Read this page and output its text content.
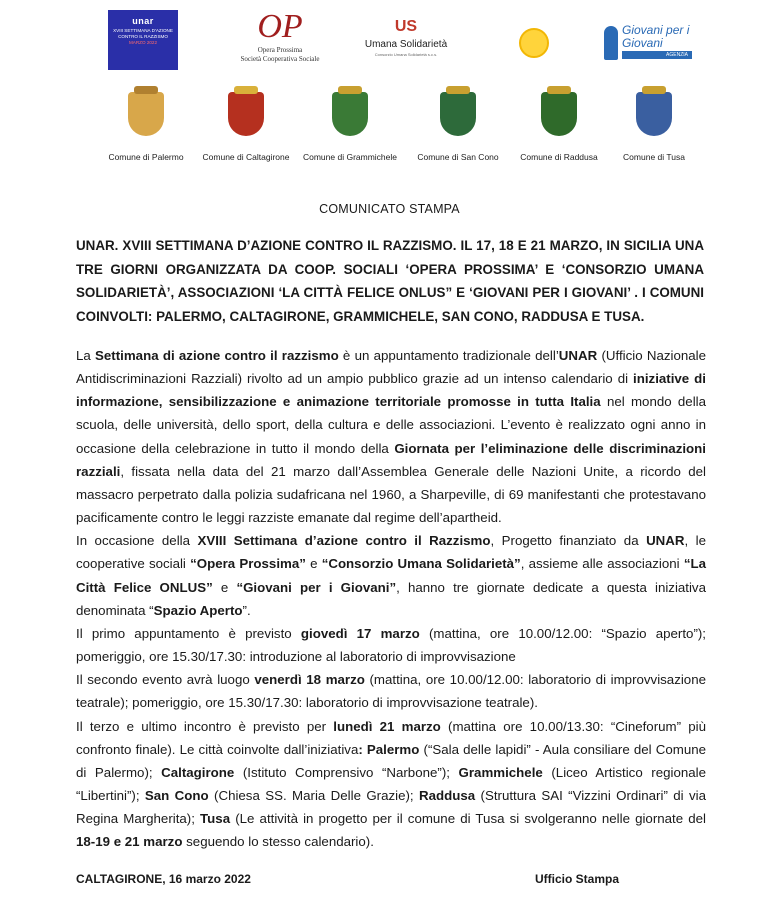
unar
XVIII SETTIMANA D'AZIONE
CONTRO IL RAZZISMO
MARZO 2022	OP
Opera Prossima
Società Cooperativa Sociale
US
Umana Solidarietà
Consorzio Umana Solidarietà s.c.s.
Giovani per i Giovani
AGENZIA
Comune di Palermo	Comune di Caltagirone	Comune di Grammichele	Comune di San Cono	Comune di Raddusa	Comune di Tusa
COMUNICATO STAMPA
UNAR. XVIII SETTIMANA D’AZIONE CONTRO IL RAZZISMO. IL 17, 18 E 21 MARZO, IN SICILIA UNA TRE GIORNI ORGANIZZATA DA COOP. SOCIALI ‘OPERA PROSSIMA’ E ‘CONSORZIO UMANA SOLIDARIETÀ’, ASSOCIAZIONI ‘LA CITTÀ FELICE ONLUS” E ‘GIOVANI PER I GIOVANI’ . I COMUNI COINVOLTI: PALERMO, CALTAGIRONE, GRAMMICHELE, SAN CONO, RADDUSA E TUSA.

La Settimana di azione contro il razzismo è un appuntamento tradizionale dell’UNAR (Ufficio Nazionale Antidiscriminazioni Razziali) rivolto ad un ampio pubblico grazie ad un intenso calendario di iniziative di informazione, sensibilizzazione e animazione territoriale promosse in tutta Italia nel mondo della scuola, delle università, dello sport, della cultura e delle associazioni. L’evento è realizzato ogni anno in occasione della celebrazione in tutto il mondo della Giornata per l’eliminazione delle discriminazioni razziali, fissata nella data del 21 marzo dall’Assemblea Generale delle Nazioni Unite, a ricordo del massacro perpetrato dalla polizia sudafricana nel 1960, a Sharpeville, di 69 manifestanti che protestavano pacificamente contro le leggi razziste emanate dal regime dell’apartheid.

In occasione della XVIII Settimana d’azione contro il Razzismo, Progetto finanziato da UNAR, le cooperative sociali “Opera Prossima” e “Consorzio Umana Solidarietà”, assieme alle associazioni “La Città Felice ONLUS” e “Giovani per i Giovani”, hanno tre giornate dedicate a questa iniziativa denominata “Spazio Aperto”.

Il primo appuntamento è previsto giovedì 17 marzo (mattina, ore 10.00/12.00: “Spazio aperto”); pomeriggio, ore 15.30/17.30: introduzione al laboratorio di improvvisazione

Il secondo evento avrà luogo venerdì 18 marzo (mattina, ore 10.00/12.00: laboratorio di improvvisazione teatrale); pomeriggio, ore 15.30/17.30: laboratorio di improvvisazione teatrale).

Il terzo e ultimo incontro è previsto per lunedì 21 marzo (mattina ore 10.00/13.30: “Cineforum” più confronto finale). Le città coinvolte dall’iniziativa: Palermo (“Sala delle lapidi” - Aula consiliare del Comune di Palermo); Caltagirone (Istituto Comprensivo “Narbone”); Grammichele (Liceo Artistico regionale “Libertini”); San Cono (Chiesa SS. Maria Delle Grazie); Raddusa (Struttura SAI “Vizzini Ordinari” di via Regina Margherita); Tusa (Le attività in progetto per il comune di Tusa si svolgeranno nelle giornate del 18-19 e 21 marzo seguendo lo stesso calendario).

CALTAGIRONE, 16 marzo 2022	Ufficio Stampa
